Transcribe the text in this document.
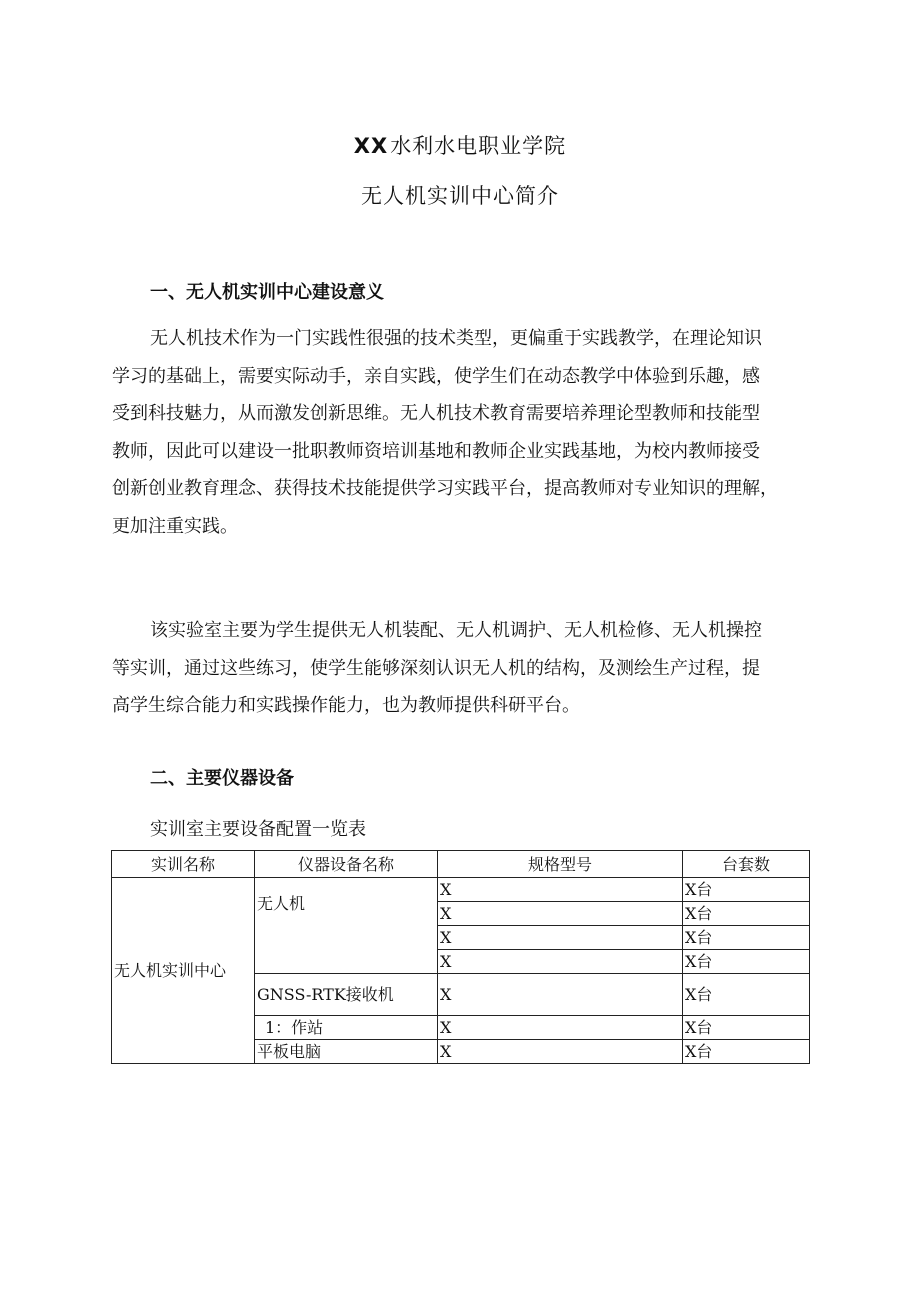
XX水利水电职业学院
无人机实训中心简介
一、无人机实训中心建设意义

无人机技术作为一门实践性很强的技术类型，更偏重于实践教学，在理论知识
学习的基础上，需要实际动手，亲自实践，使学生们在动态教学中体验到乐趣，感
受到科技魅力，从而激发创新思维。无人机技术教育需要培养理论型教师和技能型
教师，因此可以建设一批职教师资培训基地和教师企业实践基地，为校内教师接受
创新创业教育理念、获得技术技能提供学习实践平台，提高教师对专业知识的理解，
更加注重实践。

该实验室主要为学生提供无人机装配、无人机调护、无人机检修、无人机操控
等实训，通过这些练习，使学生能够深刻认识无人机的结构，及测绘生产过程，提
高学生综合能力和实践操作能力，也为教师提供科研平台。

二、主要仪器设备
实训室主要设备配置一览表
实训名称	仪器设备名称	规格型号	台套数
无人机实训中心	无人机	X	X台
		X	X台
		X	X台
		X	X台
	GNSS-RTK接收机	X	X台
	1：作站	X	X台
	平板电脑	X	X台
